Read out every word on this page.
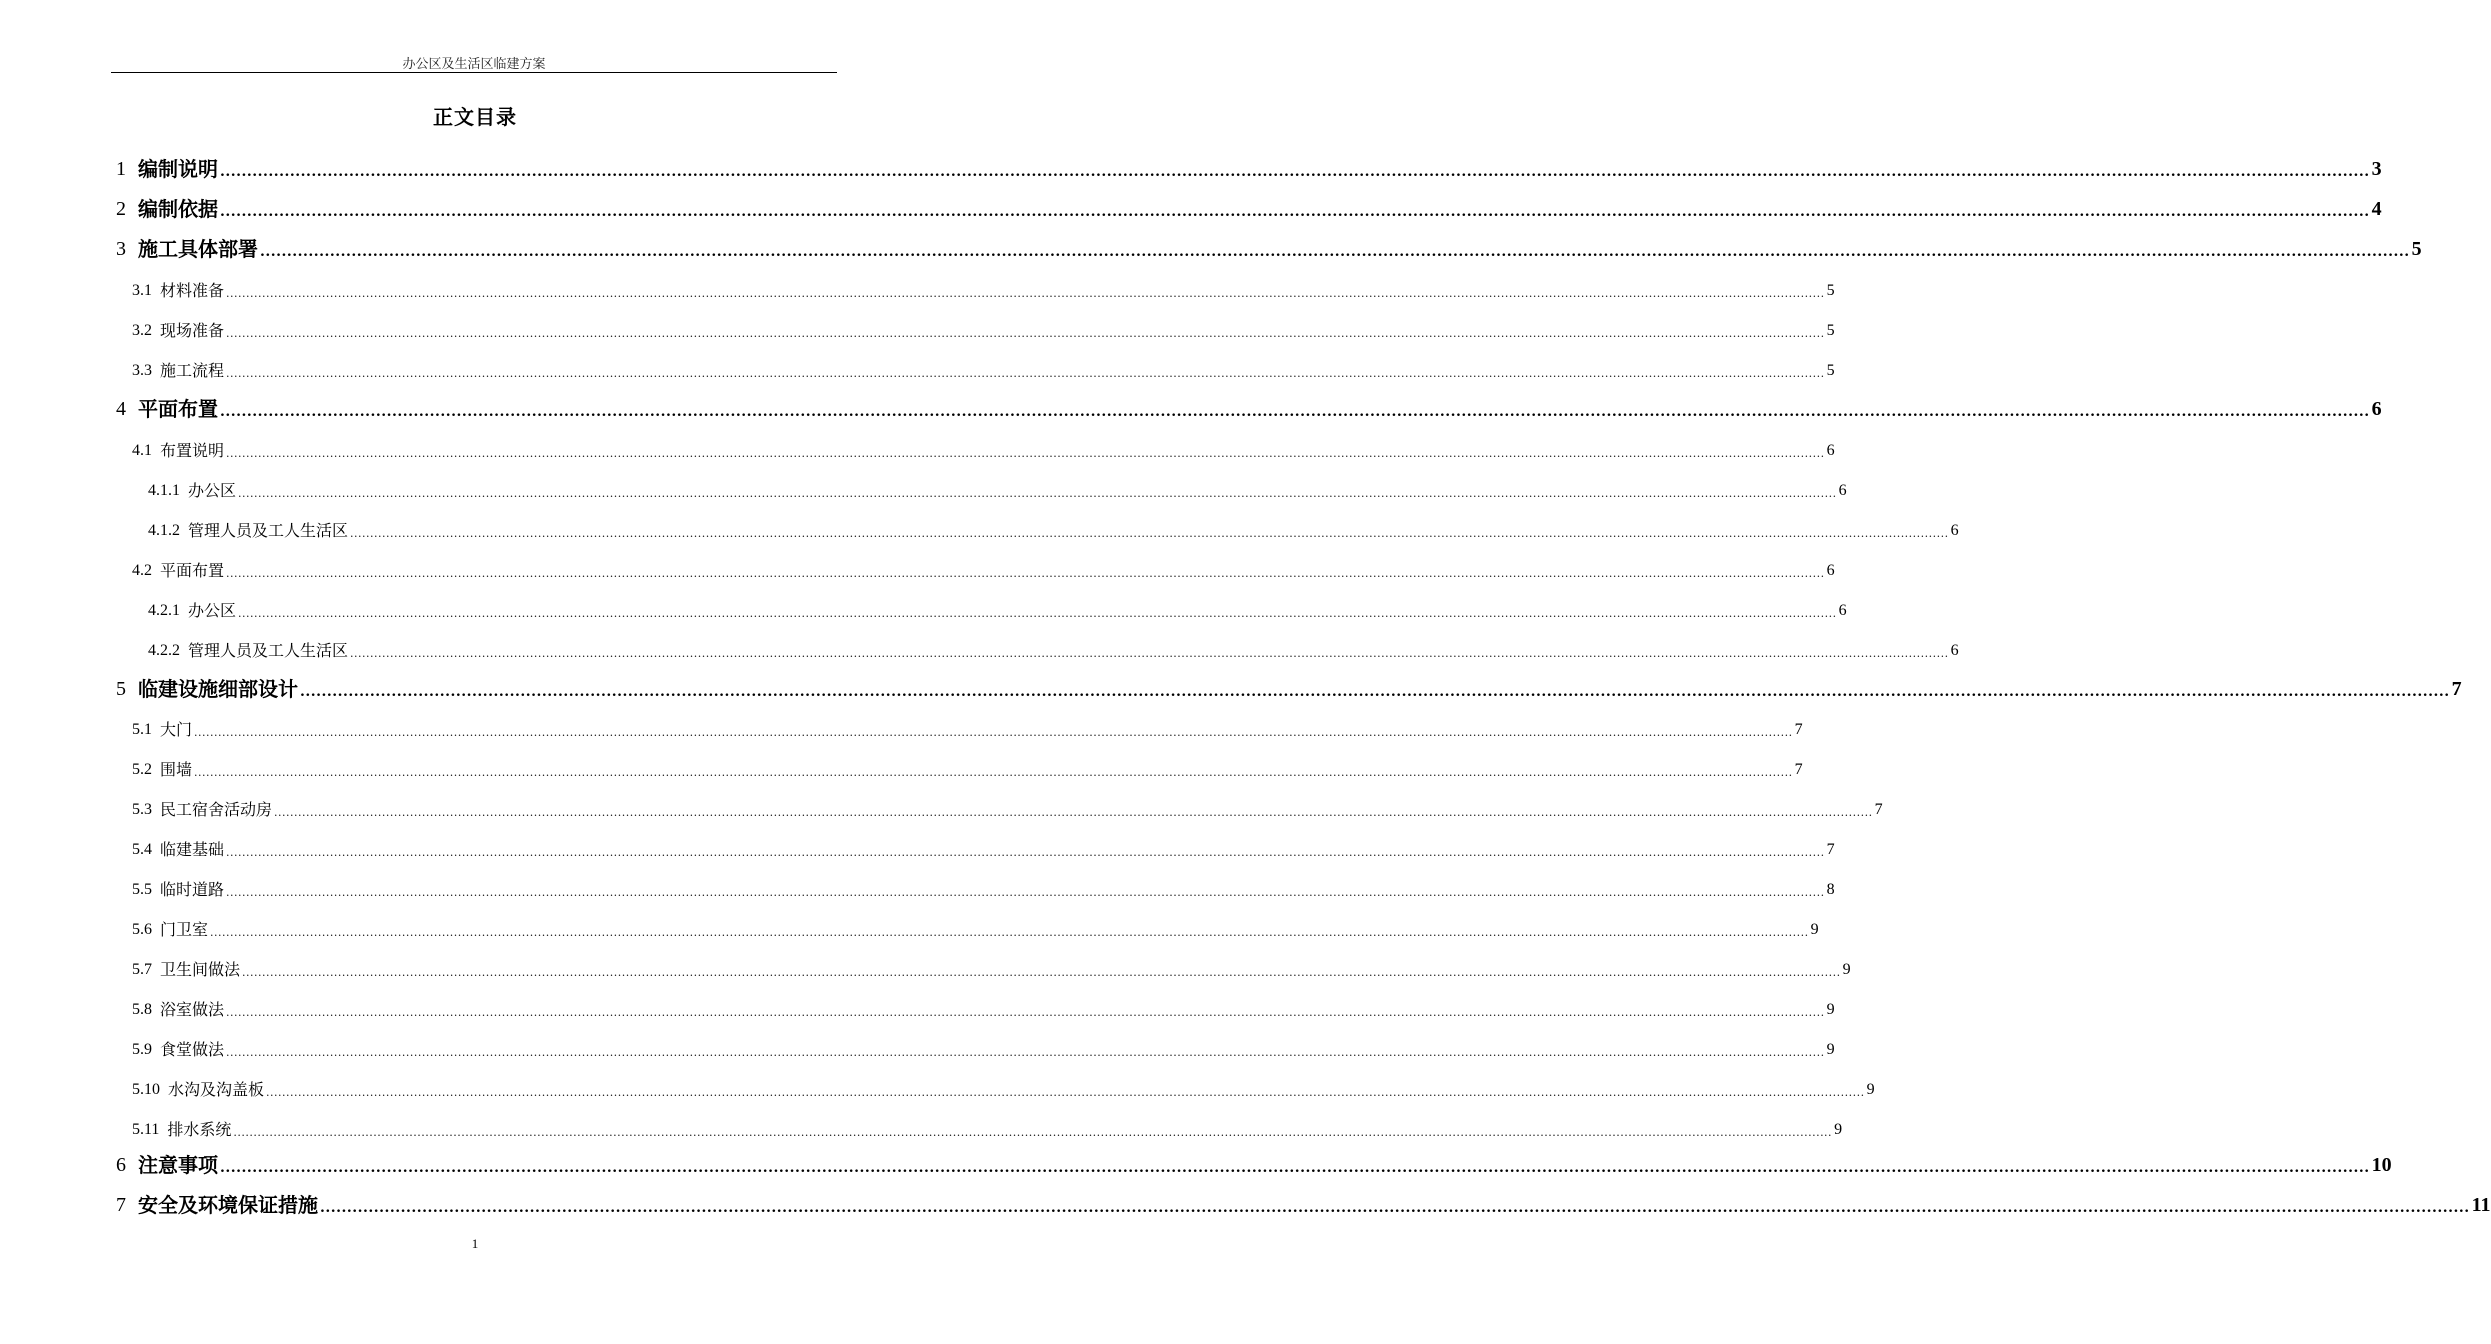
办公区及生活区临建方案
正文目录
1 编制说明 ................................................................................................................................................................................................................................................................................................................................................................................................................ 3
2 编制依据 ................................................................................................................................................................................................................................................................................................................................................................................................................ 4
3 施工具体部署 ................................................................................................................................................................................................................................................................................................................................................................................................................ 5
3.1 材料准备 ................................................................................................................................................................................................................................................................................................................................................................................................................ 5
3.2 现场准备 ................................................................................................................................................................................................................................................................................................................................................................................................................ 5
3.3 施工流程 ................................................................................................................................................................................................................................................................................................................................................................................................................ 5
4 平面布置 ................................................................................................................................................................................................................................................................................................................................................................................................................ 6
4.1 布置说明 ................................................................................................................................................................................................................................................................................................................................................................................................................ 6
4.1.1 办公区 ................................................................................................................................................................................................................................................................................................................................................................................................................ 6
4.1.2 管理人员及工人生活区 ................................................................................................................................................................................................................................................................................................................................................................................................................ 6
4.2 平面布置 ................................................................................................................................................................................................................................................................................................................................................................................................................ 6
4.2.1 办公区 ................................................................................................................................................................................................................................................................................................................................................................................................................ 6
4.2.2 管理人员及工人生活区 ................................................................................................................................................................................................................................................................................................................................................................................................................ 6
5 临建设施细部设计 ................................................................................................................................................................................................................................................................................................................................................................................................................ 7
5.1 大门 ................................................................................................................................................................................................................................................................................................................................................................................................................ 7
5.2 围墙 ................................................................................................................................................................................................................................................................................................................................................................................................................ 7
5.3 民工宿舍活动房 ................................................................................................................................................................................................................................................................................................................................................................................................................ 7
5.4 临建基础 ................................................................................................................................................................................................................................................................................................................................................................................................................ 7
5.5 临时道路 ................................................................................................................................................................................................................................................................................................................................................................................................................ 8
5.6 门卫室 ................................................................................................................................................................................................................................................................................................................................................................................................................ 9
5.7 卫生间做法 ................................................................................................................................................................................................................................................................................................................................................................................................................ 9
5.8 浴室做法 ................................................................................................................................................................................................................................................................................................................................................................................................................ 9
5.9 食堂做法 ................................................................................................................................................................................................................................................................................................................................................................................................................ 9
5.10 水沟及沟盖板 ................................................................................................................................................................................................................................................................................................................................................................................................................ 9
5.11 排水系统 ................................................................................................................................................................................................................................................................................................................................................................................................................ 9
6 注意事项 ................................................................................................................................................................................................................................................................................................................................................................................................................ 10
7 安全及环境保证措施 ................................................................................................................................................................................................................................................................................................................................................................................................................ 11
1
